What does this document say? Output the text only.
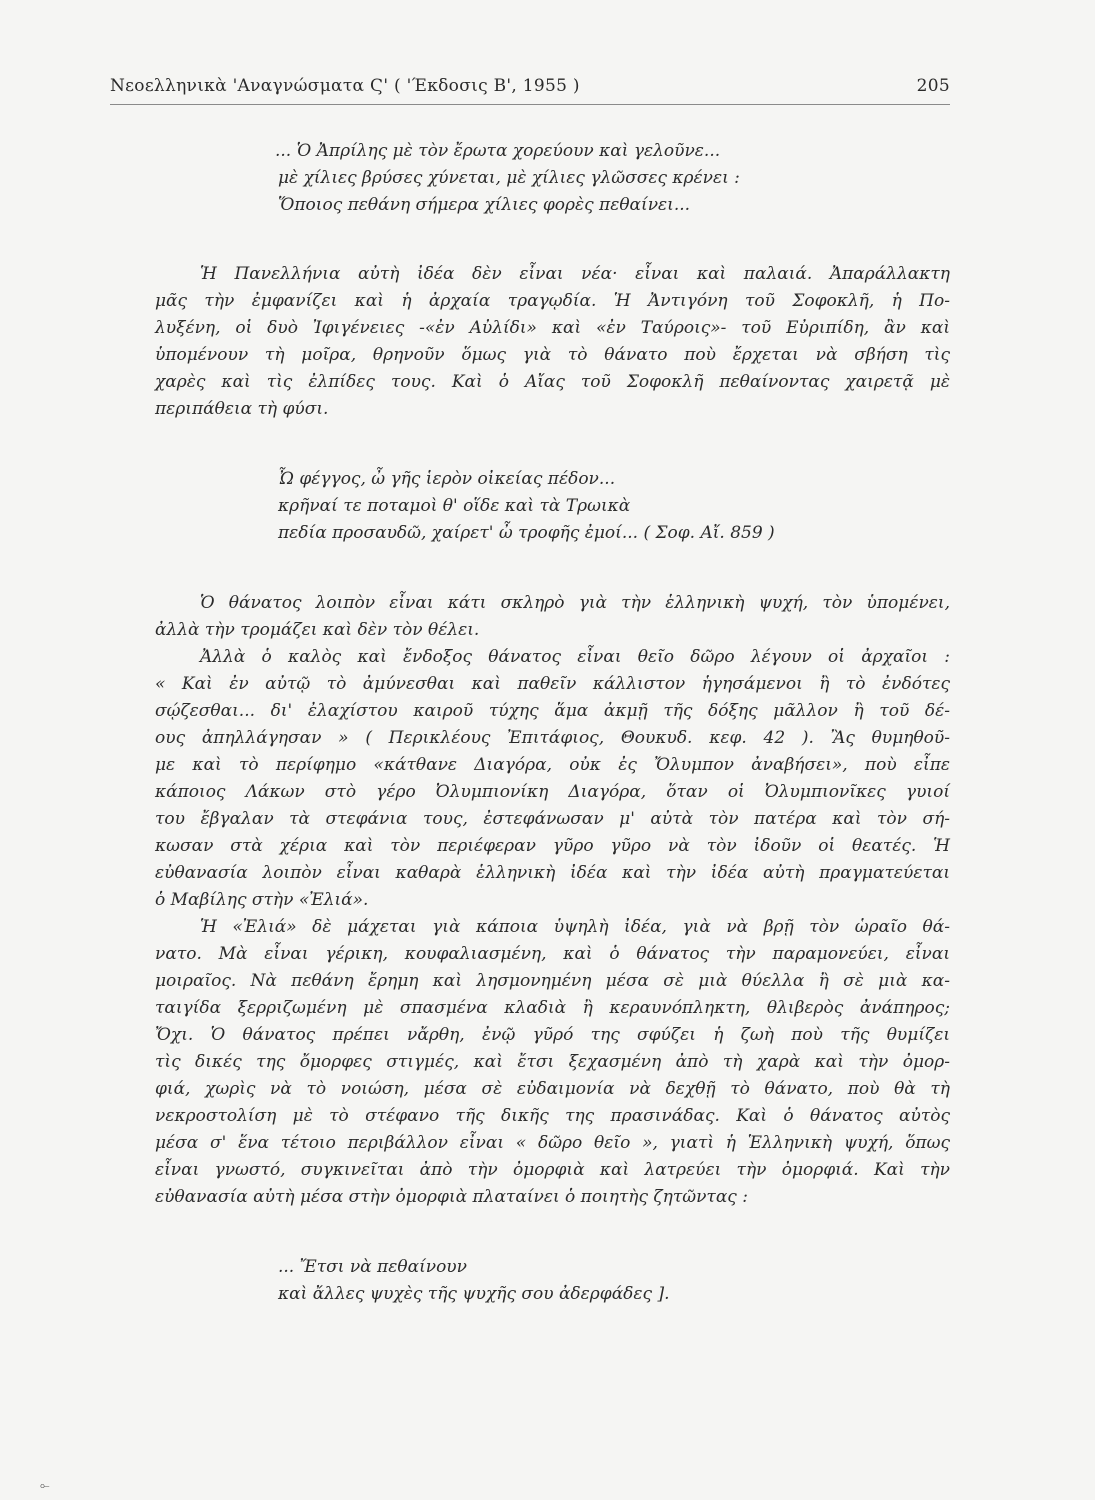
Νεοελληνικὰ 'Αναγνώσματα Ϛ' ( 'Έκδοσις Β', 1955 )	205
... Ὁ Ἀπρίλης μὲ τὸν ἔρωτα χορεύουν καὶ γελοῦνε...
μὲ χίλιες βρύσες χύνεται, μὲ χίλιες γλῶσσες κρένει :
Ὅποιος πεθάνη σήμερα χίλιες φορὲς πεθαίνει...
Ἡ Πανελλήνια αὐτὴ ἰδέα δὲν εἶναι νέα· εἶναι καὶ παλαιά. Ἀπαράλλακτη
μᾶς τὴν ἐμφανίζει καὶ ἡ ἀρχαία τραγῳδία. Ἡ Ἀντιγόνη τοῦ Σοφοκλῆ, ἡ Πο-
λυξένη, οἱ δυὸ Ἰφιγένειες -«ἐν Αὐλίδι» καὶ «ἐν Ταύροις»- τοῦ Εὐριπίδη, ἂν καὶ
ὑπομένουν τὴ μοῖρα, θρηνοῦν ὅμως γιὰ τὸ θάνατο ποὺ ἔρχεται νὰ σβήση τὶς
χαρὲς καὶ τὶς ἐλπίδες τους. Καὶ ὁ Αἴας τοῦ Σοφοκλῆ πεθαίνοντας χαιρετᾷ μὲ
περιπάθεια τὴ φύσι.
Ὦ φέγγος, ὦ γῆς ἱερὸν οἰκείας πέδον...
κρῆναί τε ποταμοὶ θ' οἵδε καὶ τὰ Τρωικὰ
πεδία προσαυδῶ, χαίρετ' ὦ τροφῆς ἐμοί... ( Σοφ. Αἴ. 859 )
Ὁ θάνατος λοιπὸν εἶναι κάτι σκληρὸ γιὰ τὴν ἑλληνικὴ ψυχή, τὸν ὑπομένει,
ἀλλὰ τὴν τρομάζει καὶ δὲν τὸν θέλει.
Ἀλλὰ ὁ καλὸς καὶ ἔνδοξος θάνατος εἶναι θεῖο δῶρο λέγουν οἱ ἀρχαῖοι :
« Καὶ ἐν αὐτῷ τὸ ἀμύνεσθαι καὶ παθεῖν κάλλιστον ἡγησάμενοι ἢ τὸ ἐνδότες
σῴζεσθαι... δι' ἐλαχίστου καιροῦ τύχης ἅμα ἀκμῇ τῆς δόξης μᾶλλον ἢ τοῦ δέ-
ους ἀπηλλάγησαν » ( Περικλέους Ἐπιτάφιος, Θουκυδ. κεφ. 42 ). Ἂς θυμηθοῦ-
με καὶ τὸ περίφημο «κάτθανε Διαγόρα, οὐκ ἐς Ὄλυμπον ἀναβήσει», ποὺ εἶπε
κάποιος Λάκων στὸ γέρο Ὀλυμπιονίκη Διαγόρα, ὅταν οἱ Ὀλυμπιονῖκες γυιοί
του ἔβγαλαν τὰ στεφάνια τους, ἐστεφάνωσαν μ' αὐτὰ τὸν πατέρα καὶ τὸν σή-
κωσαν στὰ χέρια καὶ τὸν περιέφεραν γῦρο γῦρο νὰ τὸν ἰδοῦν οἱ θεατές. Ἡ
εὐθανασία λοιπὸν εἶναι καθαρὰ ἑλληνικὴ ἰδέα καὶ τὴν ἰδέα αὐτὴ πραγματεύεται
ὁ Μαβίλης στὴν «Ἐλιά».
Ἡ «Ἐλιά» δὲ μάχεται γιὰ κάποια ὑψηλὴ ἰδέα, γιὰ νὰ βρῇ τὸν ὡραῖο θά-
νατο. Μὰ εἶναι γέρικη, κουφαλιασμένη, καὶ ὁ θάνατος τὴν παραμονεύει, εἶναι
μοιραῖος. Νὰ πεθάνη ἔρημη καὶ λησμονημένη μέσα σὲ μιὰ θύελλα ἢ σὲ μιὰ κα-
ταιγίδα ξερριζωμένη μὲ σπασμένα κλαδιὰ ἢ κεραυνόπληκτη, θλιβερὸς ἀνάπηρος;
Ὄχι. Ὁ θάνατος πρέπει νἄρθη, ἐνῷ γῦρό της σφύζει ἡ ζωὴ ποὺ τῆς θυμίζει
τὶς δικές της ὄμορφες στιγμές, καὶ ἔτσι ξεχασμένη ἀπὸ τὴ χαρὰ καὶ τὴν ὀμορ-
φιά, χωρὶς νὰ τὸ νοιώση, μέσα σὲ εὐδαιμονία νὰ δεχθῇ τὸ θάνατο, ποὺ θὰ τὴ
νεκροστολίση μὲ τὸ στέφανο τῆς δικῆς της πρασινάδας. Καὶ ὁ θάνατος αὐτὸς
μέσα σ' ἕνα τέτοιο περιβάλλον εἶναι « δῶρο θεῖο », γιατὶ ἡ Ἑλληνικὴ ψυχή, ὅπως
εἶναι γνωστό, συγκινεῖται ἀπὸ τὴν ὀμορφιὰ καὶ λατρεύει τὴν ὀμορφιά. Καὶ τὴν
εὐθανασία αὐτὴ μέσα στὴν ὀμορφιὰ πλαταίνει ὁ ποιητὴς ζητῶντας :
... Ἔτσι νὰ πεθαίνουν
καὶ ἄλλες ψυχὲς τῆς ψυχῆς σου ἀδερφάδες ].
⟜
